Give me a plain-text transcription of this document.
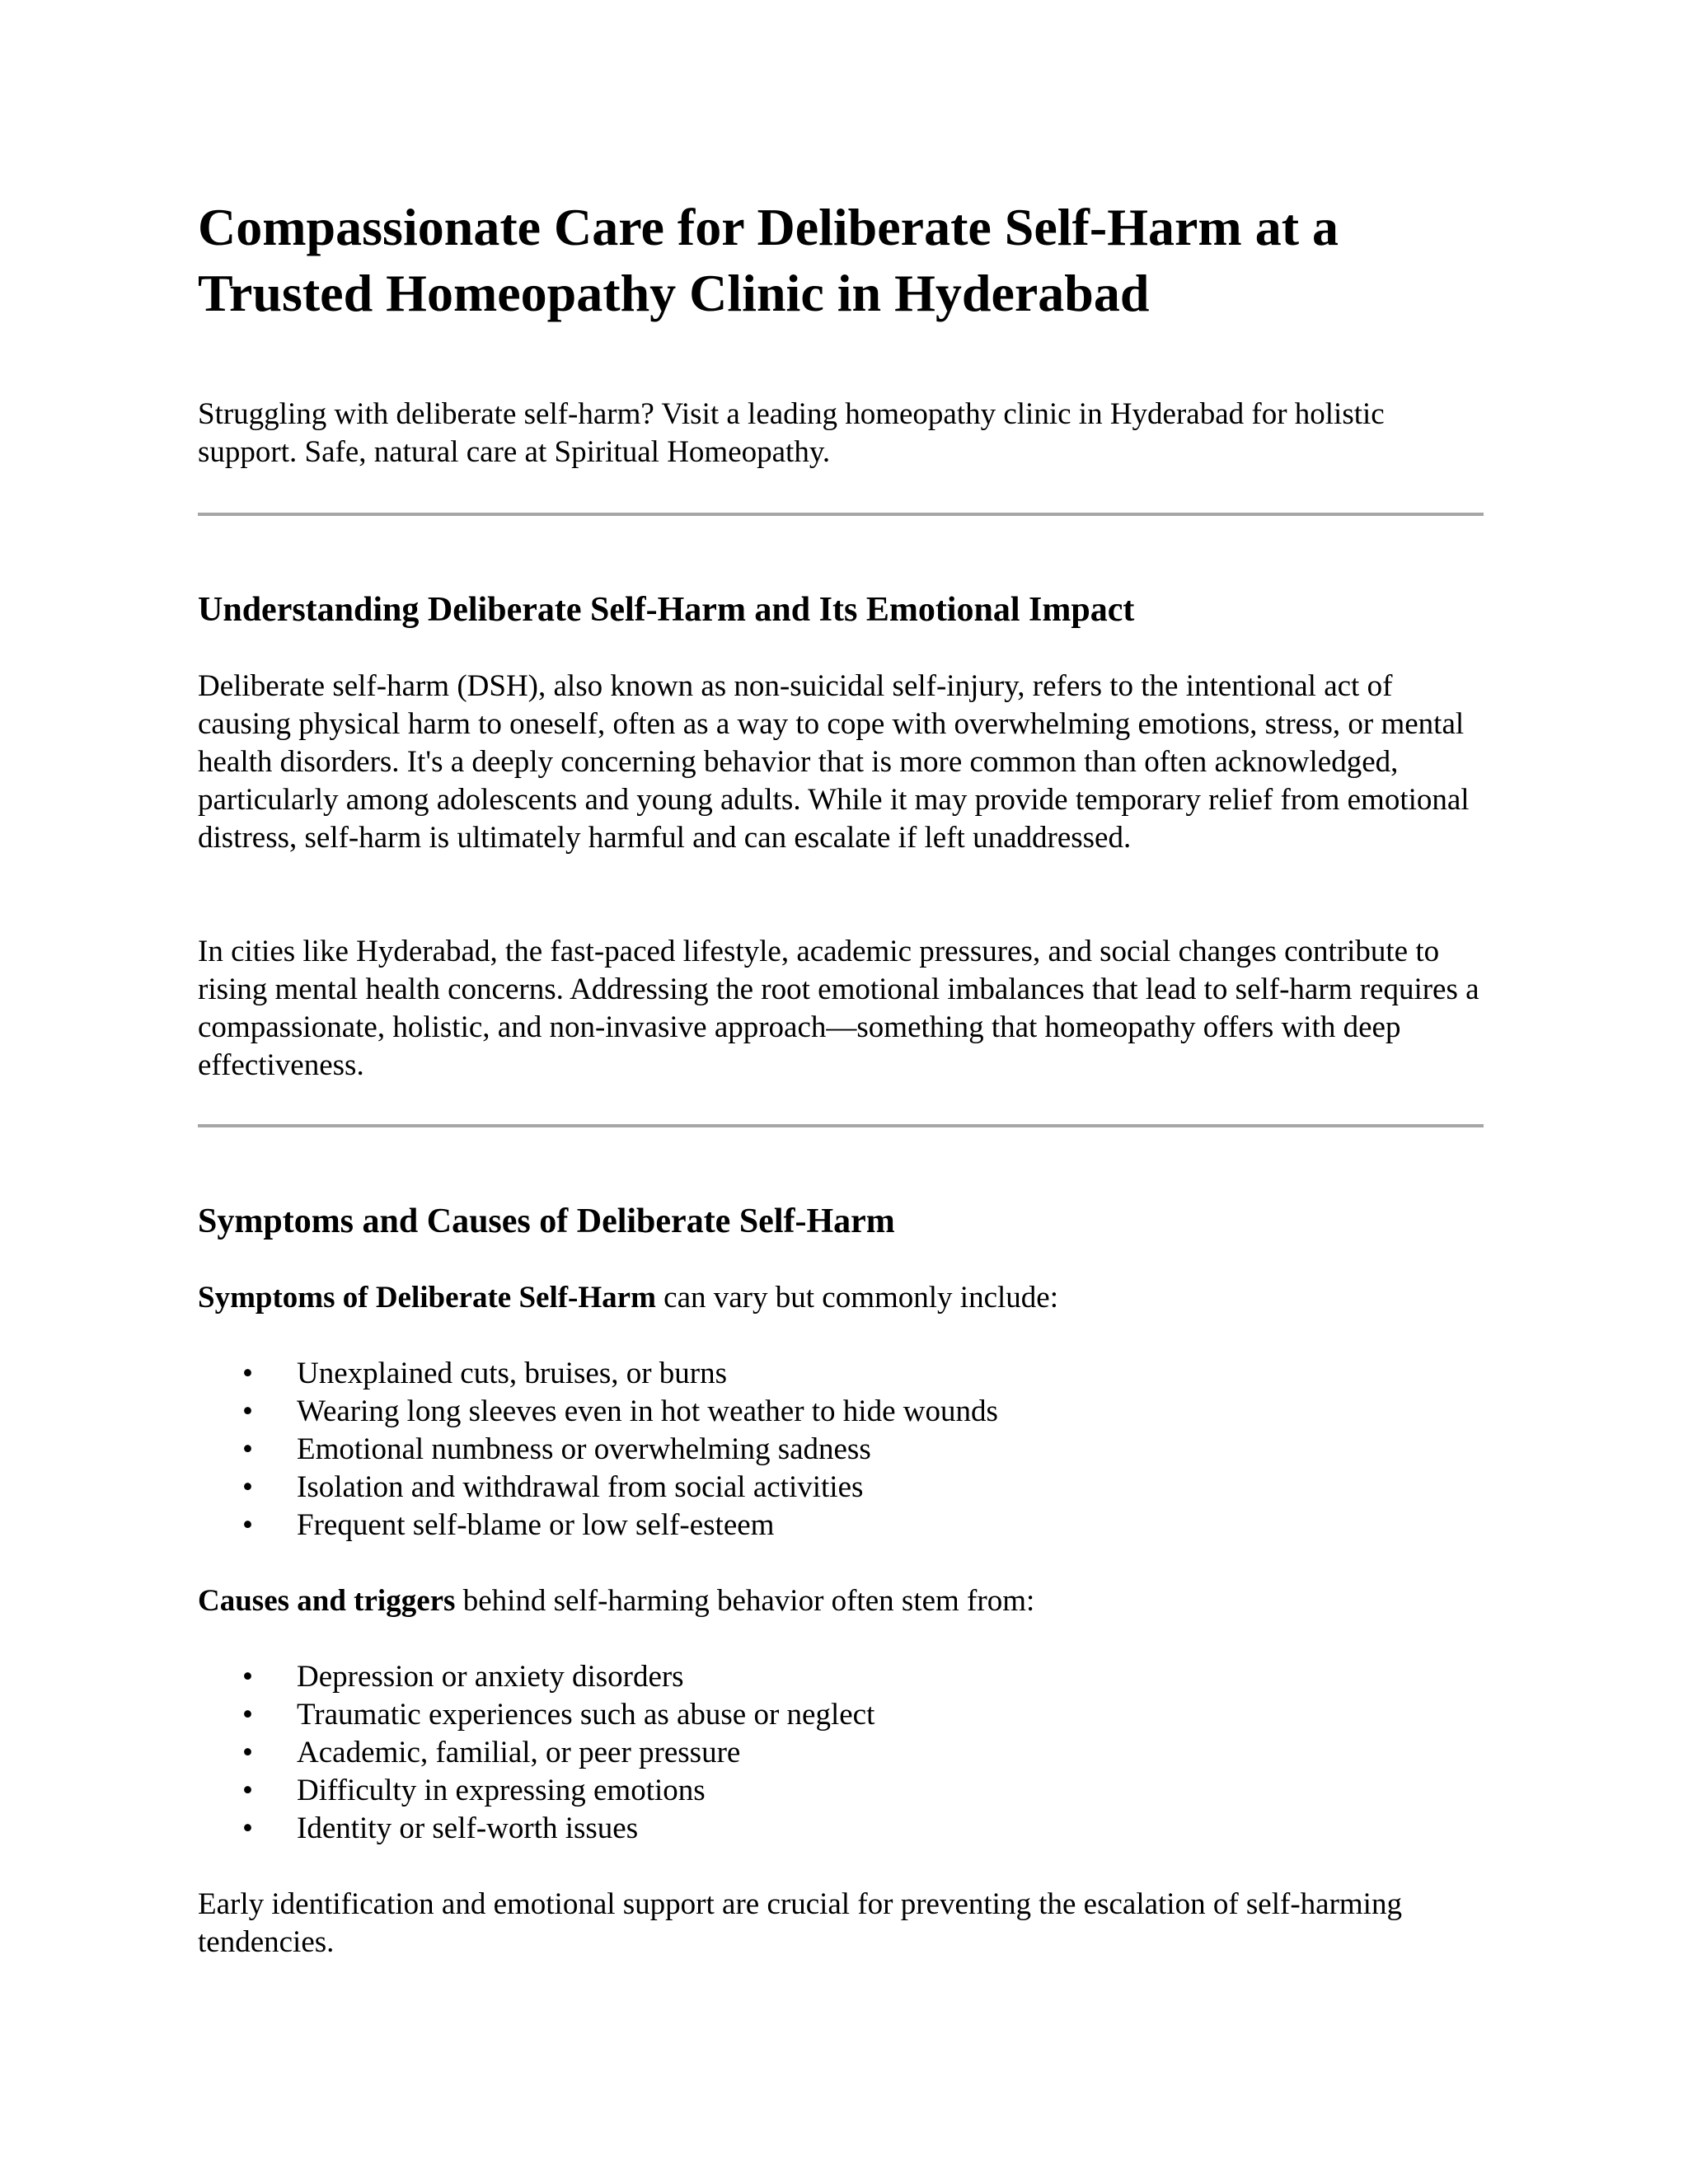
Compassionate Care for Deliberate Self-Harm at a Trusted Homeopathy Clinic in Hyderabad

Struggling with deliberate self-harm? Visit a leading homeopathy clinic in Hyderabad for holistic support. Safe, natural care at Spiritual Homeopathy.

Understanding Deliberate Self-Harm and Its Emotional Impact

Deliberate self-harm (DSH), also known as non-suicidal self-injury, refers to the intentional act of causing physical harm to oneself, often as a way to cope with overwhelming emotions, stress, or mental health disorders. It's a deeply concerning behavior that is more common than often acknowledged, particularly among adolescents and young adults. While it may provide temporary relief from emotional distress, self-harm is ultimately harmful and can escalate if left unaddressed.

In cities like Hyderabad, the fast-paced lifestyle, academic pressures, and social changes contribute to rising mental health concerns. Addressing the root emotional imbalances that lead to self-harm requires a compassionate, holistic, and non-invasive approach—something that homeopathy offers with deep effectiveness.

Symptoms and Causes of Deliberate Self-Harm

Symptoms of Deliberate Self-Harm can vary but commonly include:

• Unexplained cuts, bruises, or burns
• Wearing long sleeves even in hot weather to hide wounds
• Emotional numbness or overwhelming sadness
• Isolation and withdrawal from social activities
• Frequent self-blame or low self-esteem

Causes and triggers behind self-harming behavior often stem from:

• Depression or anxiety disorders
• Traumatic experiences such as abuse or neglect
• Academic, familial, or peer pressure
• Difficulty in expressing emotions
• Identity or self-worth issues

Early identification and emotional support are crucial for preventing the escalation of self-harming tendencies.
